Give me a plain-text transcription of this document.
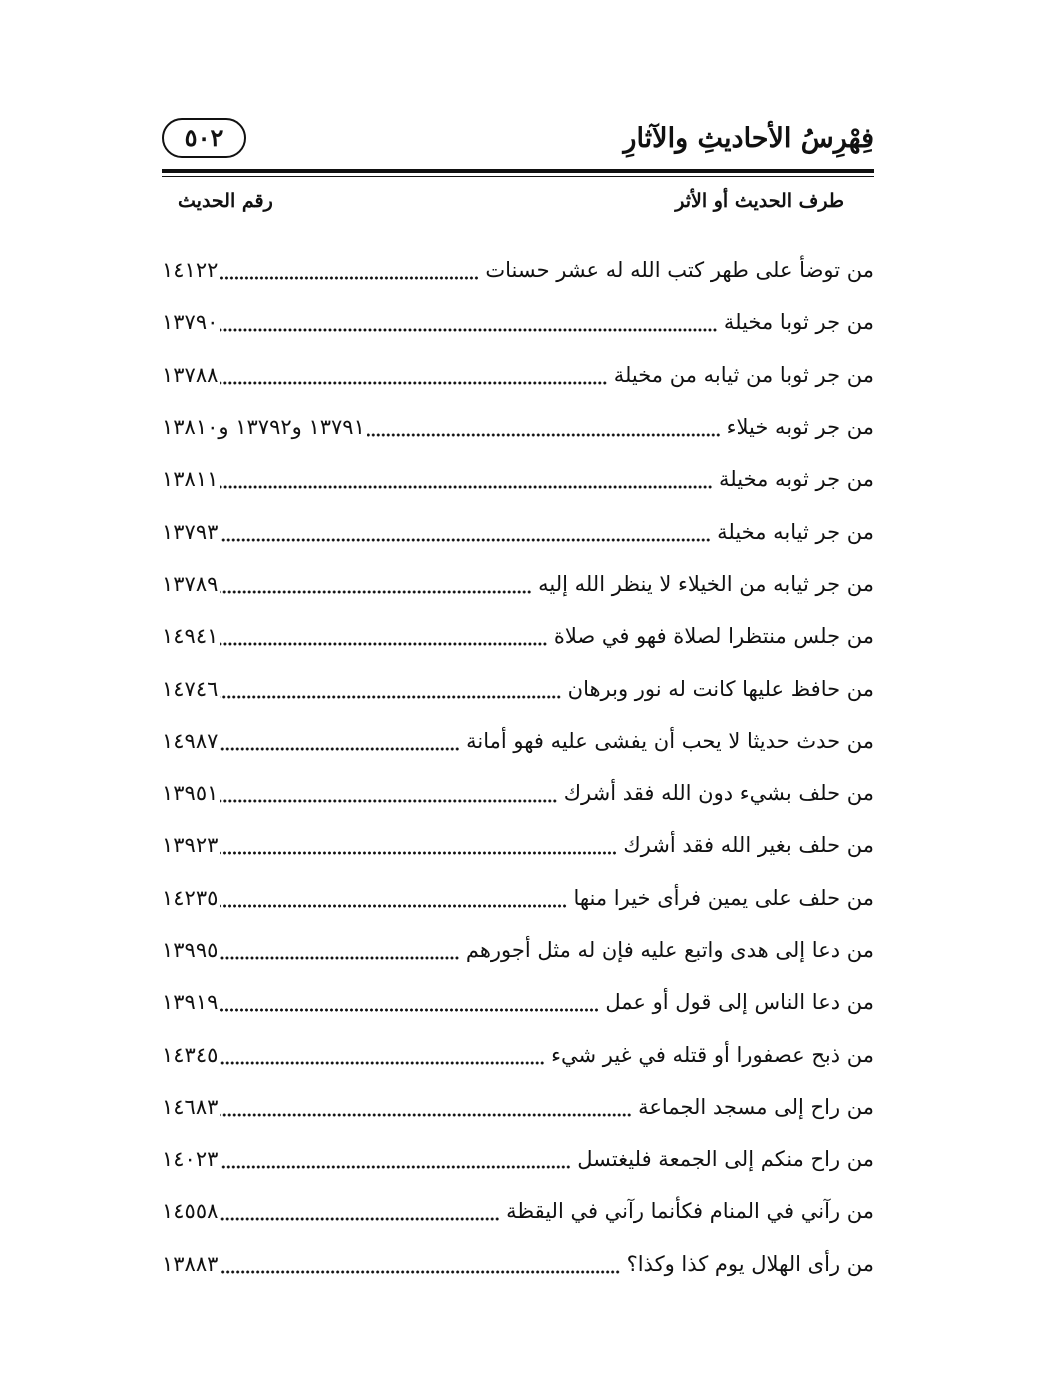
فِهْرِسُ الأحاديثِ والآثارِ
٥٠٢
طرف الحديث أو الأثر
رقم الحديث
من توضأ على طهر كتب الله له عشر حسنات
١٤١٢٢
من جر ثوبا مخيلة
١٣٧٩٠
من جر ثوبا من ثيابه من مخيلة
١٣٧٨٨
من جر ثوبه خيلاء
١٣٧٩١ و١٣٧٩٢ و١٣٨١٠
من جر ثوبه مخيلة
١٣٨١١
من جر ثيابه مخيلة
١٣٧٩٣
من جر ثيابه من الخيلاء لا ينظر الله إليه
١٣٧٨٩
من جلس منتظرا لصلاة فهو في صلاة
١٤٩٤١
من حافظ عليها كانت له نور وبرهان
١٤٧٤٦
من حدث حديثا لا يحب أن يفشى عليه فهو أمانة
١٤٩٨٧
من حلف بشيء دون الله فقد أشرك
١٣٩٥١
من حلف بغير الله فقد أشرك
١٣٩٢٣
من حلف على يمين فرأى خيرا منها
١٤٢٣٥
من دعا إلى هدى واتبع عليه فإن له مثل أجورهم
١٣٩٩٥
من دعا الناس إلى قول أو عمل
١٣٩١٩
من ذبح عصفورا أو قتله في غير شيء
١٤٣٤٥
من راح إلى مسجد الجماعة
١٤٦٨٣
من راح منكم إلى الجمعة فليغتسل
١٤٠٢٣
من رآني في المنام فكأنما رآني في اليقظة
١٤٥٥٨
من رأى الهلال يوم كذا وكذا؟
١٣٨٨٣
